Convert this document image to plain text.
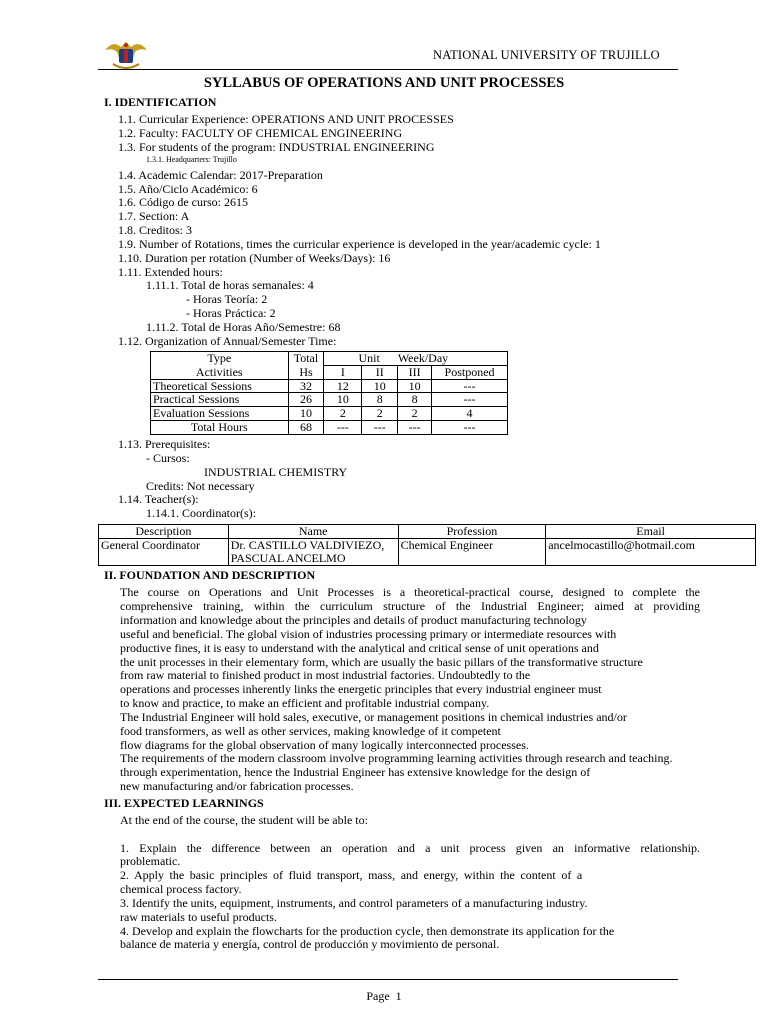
NATIONAL UNIVERSITY OF TRUJILLO
SYLLABUS OF OPERATIONS AND UNIT PROCESSES
I. IDENTIFICATION
1.1. Curricular Experience: OPERATIONS AND UNIT PROCESSES
1.2. Faculty: FACULTY OF CHEMICAL ENGINEERING
1.3. For students of the program: INDUSTRIAL ENGINEERING
1.3.1. Headquarters: Trujillo
1.4. Academic Calendar: 2017-Preparation
1.5. Año/Ciclo Académico: 6
1.6. Código de curso: 2615
1.7. Section: A
1.8. Creditos: 3
1.9. Number of Rotations, times the curricular experience is developed in the year/academic cycle: 1
1.10. Duration per rotation (Number of Weeks/Days): 16
1.11. Extended hours:
1.11.1. Total de horas semanales: 4
- Horas Teoría: 2
- Horas Práctica: 2
1.11.2. Total de Horas Año/Semestre: 68
1.12. Organization of Annual/Semester Time:
Type	Total	Unit Week/Day			
Activities	Hs	I	II	III	Postponed
Theoretical Sessions	32	12	10	10	---
Practical Sessions	26	10	8	8	---
Evaluation Sessions	10	2	2	2	4
Total Hours	68	---	---	---	---
1.13. Prerequisites:
- Cursos:
INDUSTRIAL CHEMISTRY
Credits: Not necessary
1.14. Teacher(s):
1.14.1. Coordinator(s):
Description	Name	Profession	Email
General Coordinator	Dr. CASTILLO VALDIVIEZO,
PASCUAL ANCELMO	Chemical Engineer	ancelmocastillo@hotmail.com
II. FOUNDATION AND DESCRIPTION
The course on Operations and Unit Processes is a theoretical-practical course, designed to complete the
comprehensive training, within the curriculum structure of the Industrial Engineer; aimed at providing
information and knowledge about the principles and details of product manufacturing technology
useful and beneficial. The global vision of industries processing primary or intermediate resources with
productive fines, it is easy to understand with the analytical and critical sense of unit operations and
the unit processes in their elementary form, which are usually the basic pillars of the transformative structure
from raw material to finished product in most industrial factories. Undoubtedly to the
operations and processes inherently links the energetic principles that every industrial engineer must
to know and practice, to make an efficient and profitable industrial company.
The Industrial Engineer will hold sales, executive, or management positions in chemical industries and/or
food transformers, as well as other services, making knowledge of it competent
flow diagrams for the global observation of many logically interconnected processes.
The requirements of the modern classroom involve programming learning activities through research and teaching.
through experimentation, hence the Industrial Engineer has extensive knowledge for the design of
new manufacturing and/or fabrication processes.
III. EXPECTED LEARNINGS
At the end of the course, the student will be able to:
1. Explain the difference between an operation and a unit process given an informative relationship.
problematic.
2. Apply the basic principles of fluid transport, mass, and energy, within the content of a
chemical process factory.
3. Identify the units, equipment, instruments, and control parameters of a manufacturing industry.
raw materials to useful products.
4. Develop and explain the flowcharts for the production cycle, then demonstrate its application for the
balance de materia y energía, control de producción y movimiento de personal.
Page  1
